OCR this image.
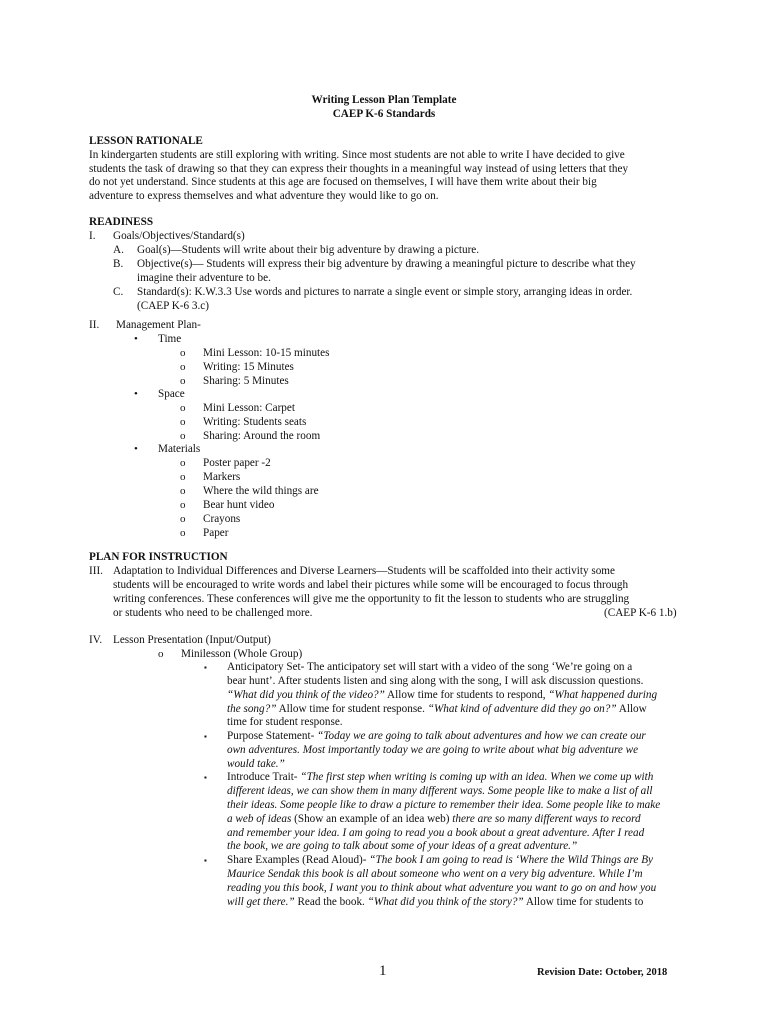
Writing Lesson Plan Template
CAEP K-6 Standards
LESSON RATIONALE
In kindergarten students are still exploring with writing. Since most students are not able to write I have decided to give
students the task of drawing so that they can express their thoughts in a meaningful way instead of using letters that they
do not yet understand. Since students at this age are focused on themselves, I will have them write about their big
adventure to express themselves and what adventure they would like to go on.
READINESS
I. Goals/Objectives/Standard(s)
A. Goal(s)—Students will write about their big adventure by drawing a picture.
B. Objective(s)— Students will express their big adventure by drawing a meaningful picture to describe what they
imagine their adventure to be.
C. Standard(s): K.W.3.3 Use words and pictures to narrate a single event or simple story, arranging ideas in order.
(CAEP K-6 3.c)
II. Management Plan-
• Time
o Mini Lesson: 10-15 minutes
o Writing: 15 Minutes
o Sharing: 5 Minutes
• Space
o Mini Lesson: Carpet
o Writing: Students seats
o Sharing: Around the room
• Materials
o Poster paper -2
o Markers
o Where the wild things are
o Bear hunt video
o Crayons
o Paper
PLAN FOR INSTRUCTION
III. Adaptation to Individual Differences and Diverse Learners—Students will be scaffolded into their activity some
students will be encouraged to write words and label their pictures while some will be encouraged to focus through
writing conferences. These conferences will give me the opportunity to fit the lesson to students who are struggling
or students who need to be challenged more.	(CAEP K-6 1.b)
IV. Lesson Presentation (Input/Output)
o Minilesson (Whole Group)
▪ Anticipatory Set- The anticipatory set will start with a video of the song ‘We’re going on a
bear hunt’. After students listen and sing along with the song, I will ask discussion questions.
“What did you think of the video?” Allow time for students to respond, “What happened during
the song?” Allow time for student response. “What kind of adventure did they go on?” Allow
time for student response.
▪ Purpose Statement- “Today we are going to talk about adventures and how we can create our
own adventures. Most importantly today we are going to write about what big adventure we
would take.”
▪ Introduce Trait- “The first step when writing is coming up with an idea. When we come up with
different ideas, we can show them in many different ways. Some people like to make a list of all
their ideas. Some people like to draw a picture to remember their idea. Some people like to make
a web of ideas (Show an example of an idea web) there are so many different ways to record
and remember your idea. I am going to read you a book about a great adventure. After I read
the book, we are going to talk about some of your ideas of a great adventure.”
▪ Share Examples (Read Aloud)- “The book I am going to read is ‘Where the Wild Things are By
Maurice Sendak this book is all about someone who went on a very big adventure. While I’m
reading you this book, I want you to think about what adventure you want to go on and how you
will get there.” Read the book. “What did you think of the story?” Allow time for students to
1	Revision Date: October, 2018
